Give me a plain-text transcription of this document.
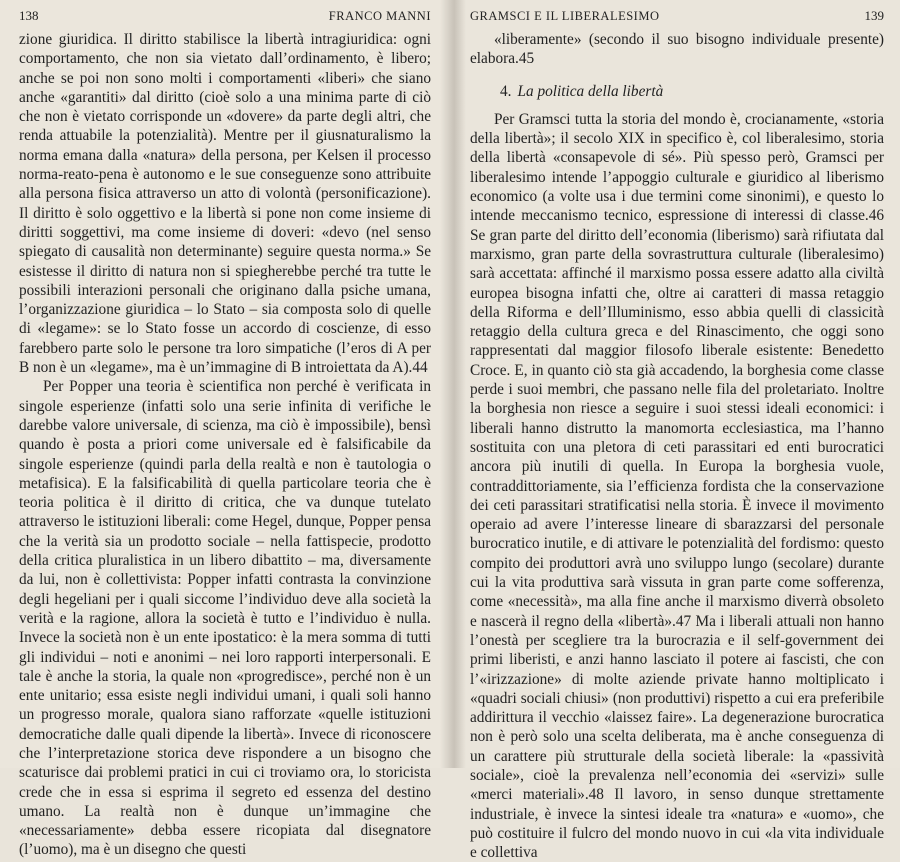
138	FRANCO MANNI

zione giuridica. Il diritto stabilisce la libertà intragiuridica: ogni comportamento, che non sia vietato dall’ordinamento, è libero; anche se poi non sono molti i comportamenti «liberi» che siano anche «garantiti» dal diritto (cioè solo a una minima parte di ciò che non è vietato corrisponde un «dovere» da parte degli altri, che renda attuabile la potenzialità). Mentre per il giusnaturalismo la norma emana dalla «natura» della persona, per Kelsen il processo norma-reato-pena è autonomo e le sue conseguenze sono attribuite alla persona fisica attraverso un atto di volontà (personificazione). Il diritto è solo oggettivo e la libertà si pone non come insieme di diritti soggettivi, ma come insieme di doveri: «devo (nel senso spiegato di causalità non determinante) seguire questa norma.» Se esistesse il diritto di natura non si spiegherebbe perché tra tutte le possibili interazioni personali che originano dalla psiche umana, l’organizzazione giuridica – lo Stato – sia composta solo di quelle di «legame»: se lo Stato fosse un accordo di coscienze, di esso farebbero parte solo le persone tra loro simpatiche (l’eros di A per B non è un «legame», ma è un’immagine di B introiettata da A).44

Per Popper una teoria è scientifica non perché è verificata in singole esperienze (infatti solo una serie infinita di verifiche le darebbe valore universale, di scienza, ma ciò è impossibile), bensì quando è posta a priori come universale ed è falsificabile da singole esperienze (quindi parla della realtà e non è tautologia o metafisica). E la falsificabilità di quella particolare teoria che è teoria politica è il diritto di critica, che va dunque tutelato attraverso le istituzioni liberali: come Hegel, dunque, Popper pensa che la verità sia un prodotto sociale – nella fattispecie, prodotto della critica pluralistica in un libero dibattito – ma, diversamente da lui, non è collettivista: Popper infatti contrasta la convinzione degli hegeliani per i quali siccome l’individuo deve alla società la verità e la ragione, allora la società è tutto e l’individuo è nulla. Invece la società non è un ente ipostatico: è la mera somma di tutti gli individui – noti e anonimi – nei loro rapporti interpersonali. E tale è anche la storia, la quale non «progredisce», perché non è un ente unitario; essa esiste negli individui umani, i quali soli hanno un progresso morale, qualora siano rafforzate «quelle istituzioni democratiche dalle quali dipende la libertà». Invece di riconoscere che l’interpretazione storica deve rispondere a un bisogno che scaturisce dai problemi pratici in cui ci troviamo ora, lo storicista crede che in essa si esprima il segreto ed essenza del destino umano. La realtà non è dunque un’immagine che «necessariamente» debba essere ricopiata dal disegnatore (l’uomo), ma è un disegno che questi

GRAMSCI E IL LIBERALESIMO	139

«liberamente» (secondo il suo bisogno individuale presente) elabora.45

4. La politica della libertà

Per Gramsci tutta la storia del mondo è, crocianamente, «storia della libertà»; il secolo XIX in specifico è, col liberalesimo, storia della libertà «consapevole di sé». Più spesso però, Gramsci per liberalesimo intende l’appoggio culturale e giuridico al liberismo economico (a volte usa i due termini come sinonimi), e questo lo intende meccanismo tecnico, espressione di interessi di classe.46 Se gran parte del diritto dell’economia (liberismo) sarà rifiutata dal marxismo, gran parte della sovrastruttura culturale (liberalesimo) sarà accettata: affinché il marxismo possa essere adatto alla civiltà europea bisogna infatti che, oltre ai caratteri di massa retaggio della Riforma e dell’Illuminismo, esso abbia quelli di classicità retaggio della cultura greca e del Rinascimento, che oggi sono rappresentati dal maggior filosofo liberale esistente: Benedetto Croce. E, in quanto ciò sta già accadendo, la borghesia come classe perde i suoi membri, che passano nelle fila del proletariato. Inoltre la borghesia non riesce a seguire i suoi stessi ideali economici: i liberali hanno distrutto la manomorta ecclesiastica, ma l’hanno sostituita con una pletora di ceti parassitari ed enti burocratici ancora più inutili di quella. In Europa la borghesia vuole, contraddittoriamente, sia l’efficienza fordista che la conservazione dei ceti parassitari stratificatisi nella storia. È invece il movimento operaio ad avere l’interesse lineare di sbarazzarsi del personale burocratico inutile, e di attivare le potenzialità del fordismo: questo compito dei produttori avrà uno sviluppo lungo (secolare) durante cui la vita produttiva sarà vissuta in gran parte come sofferenza, come «necessità», ma alla fine anche il marxismo diverrà obsoleto e nascerà il regno della «libertà».47 Ma i liberali attuali non hanno l’onestà per scegliere tra la burocrazia e il self-government dei primi liberisti, e anzi hanno lasciato il potere ai fascisti, che con l’«irizzazione» di molte aziende private hanno moltiplicato i «quadri sociali chiusi» (non produttivi) rispetto a cui era preferibile addirittura il vecchio «laissez faire». La degenerazione burocratica non è però solo una scelta deliberata, ma è anche conseguenza di un carattere più strutturale della società liberale: la «passività sociale», cioè la prevalenza nell’economia dei «servizi» sulle «merci materiali».48 Il lavoro, in senso dunque strettamente industriale, è invece la sintesi ideale tra «natura» e «uomo», che può costituire il fulcro del mondo nuovo in cui «la vita individuale e collettiva
